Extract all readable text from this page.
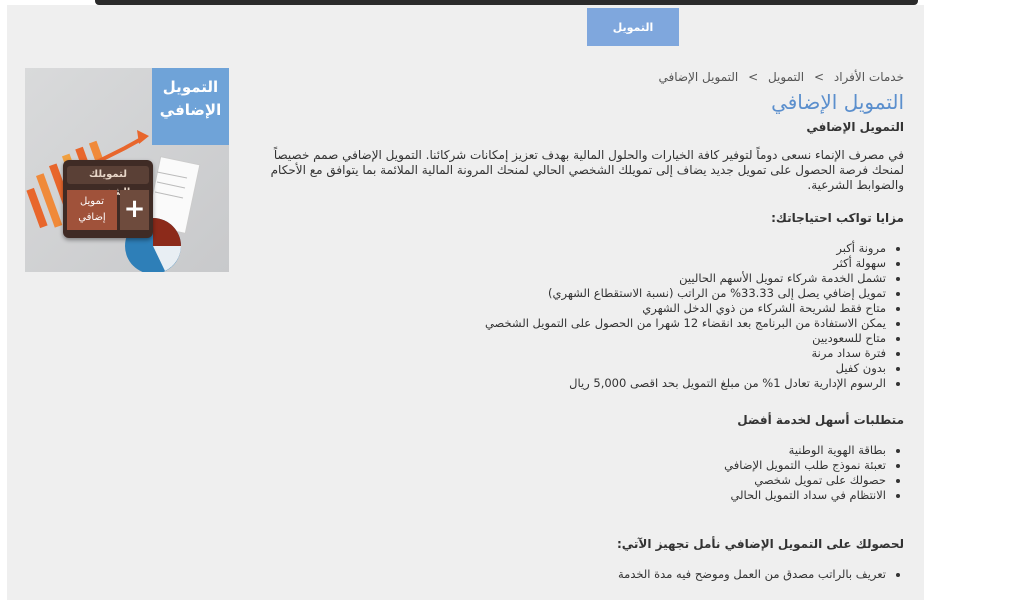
التمويل
التمويل
الإضافي
لتمويلك
تمويل
إضافي +
خدمات الأفراد > التمويل > التمويل الإضافي
التمويل الإضافي
التمويل الإضافي

في مصرف الإنماء نسعى دوماً لتوفير كافة الخيارات والحلول المالية بهدف تعزيز إمكانات شركائنا. التمويل الإضافي صمم خصيصاً لمنحك فرصة الحصول على تمويل جديد يضاف إلى تمويلك الشخصي الحالي لمنحك المرونة المالية الملائمة بما يتوافق مع الأحكام والضوابط الشرعية.

مزايا تواكب احتياجاتك:
• مرونة أكبر
• سهولة أكثر
• تشمل الخدمة شركاء تمويل الأسهم الحاليين
• تمويل إضافي يصل إلى 33.33% من الراتب (نسبة الاستقطاع الشهري)
• متاح فقط لشريحة الشركاء من ذوي الدخل الشهري
• يمكن الاستفادة من البرنامج بعد انقضاء 12 شهرا من الحصول على التمويل الشخصي
• متاح للسعوديين
• فترة سداد مرنة
• بدون كفيل
• الرسوم الإدارية تعادل 1% من مبلغ التمويل بحد اقصى 5,000 ريال
متطلبات أسهل لخدمة أفضل
• بطاقة الهوية الوطنية
• تعبئة نموذج طلب التمويل الإضافي
• حصولك على تمويل شخصي
• الانتظام في سداد التمويل الحالي
لحصولك على التمويل الإضافي نأمل تجهيز الآتي:
• تعريف بالراتب مصدق من العمل وموضح فيه مدة الخدمة
